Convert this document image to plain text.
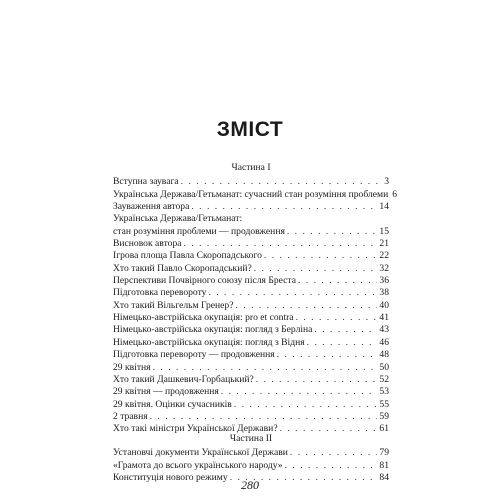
ЗМІСТ
Частина І
Вступна заувага . . .	3
Українська Держава/Гетьманат: сучасний стан розуміння проблеми 6
Зауваження автора . . .	14
Українська Держава/Гетьманат:
стан розуміння проблеми — продовження . . .	15
Висновок автора . . .	21
Ігрова площа Павла Скоропадського . . .	22
Хто такий Павло Скоропадський? . . .	32
Перспективи Почвірного союзу після Бреста . . .	36
Підготовка перевороту . . .	38
Хто такий Вільгельм Гренер? . . .	40
Німецько-австрійська окупація: pro et contra . . .	41
Німецько-австрійська окупація: погляд з Берліна . . .	43
Німецько-австрійська окупація: погляд з Відня . . .	46
Підготовка перевороту — продовження . . .	48
29 квітня . . .	50
Хто такий Дашкевич-Горбацький? . . .	52
29 квітня — продовження . . .	53
29 квітня. Оцінки сучасників . . .	55
2 травня . . .	59
Хто такі міністри Української Держави? . . .	61
Частина ІІ
Установчі документи Української Держави . . .	79
«Грамота до всього українського народу» . . .	81
Конституція нового режиму . . .	84
280
